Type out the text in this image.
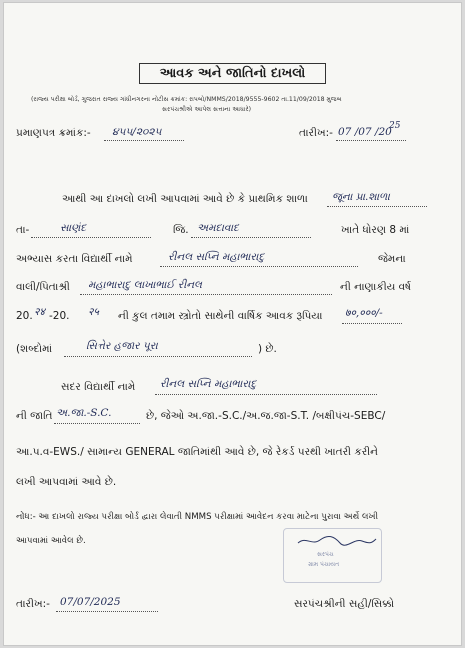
આવક અને જાતિનો દાખલો
(રાજ્ય પરીક્ષા બોર્ડ, ગુજરાત રાજ્ય ગાંધીનગરના નોટીસ ક્રમાંક: રાપબો/NMMS/2018/9555-9602 તા.11/09/2018 મુજબ
સરપંચશ્રીએ આપેલ સત્તાના આધારે)
પ્રમાણપત્ર ક્રમાંક:- ૪૫૫/૨૦૨૫	તારીખ:- 07 /07 /20
25
આથી આ દાખલો લખી આપવામાં આવે છે કે પ્રાથમિક શાળા જૂના પ્રા.શાળા
તા-	સાણંદ	જિ. અમદાવાદ	ખાતે ધોરણ 8 માં
અભ્યાસ કરતા વિદ્યાર્થી નામે	રીનલ સપ્નિ મહાભારાદુ	જેમના
વાલી/પિતાશ્રી મહાભારાદુ લાખાભાઈ રીનલ	ની નાણાકીય વર્ષ
20. २४ -20. २५ ની કુલ તમામ સ્ત્રોતો સાથેની વાર્ષિક આવક રૂપિયા ७०,०००/-
(શબ્દોમાં	સિત્તેર હજાર પૂરા	) છે.
સદર વિદ્યાર્થી નામે રીનલ સપ્નિ મહાભારાદુ
ની જાતિ અ.જા.-S.C.	છે, જેઓ અ.જા.-S.C./અ.જ.જા-S.T. /બક્ષીપંચ-SEBC/
આ.પ.વ-EWS./ સામાન્ય GENERAL જાતિમાંથી આવે છે, જે રેકર્ડ પરથી ખાતરી કરીને
લખી આપવામાં આવે છે.
નોંધ:- આ દાખલો રાજ્ય પરીક્ષા બોર્ડ દ્વારા લેવાતી NMMS પરીક્ષામાં આવેદન કરવા માટેના પુરાવા અર્થે લખી
આપવામાં આવેલ છે.
સરપંચ
ગ્રામ પંચાયત
તારીખ:- 07/07/2025	સરપંચશ્રીની સહી/સિક્કો
